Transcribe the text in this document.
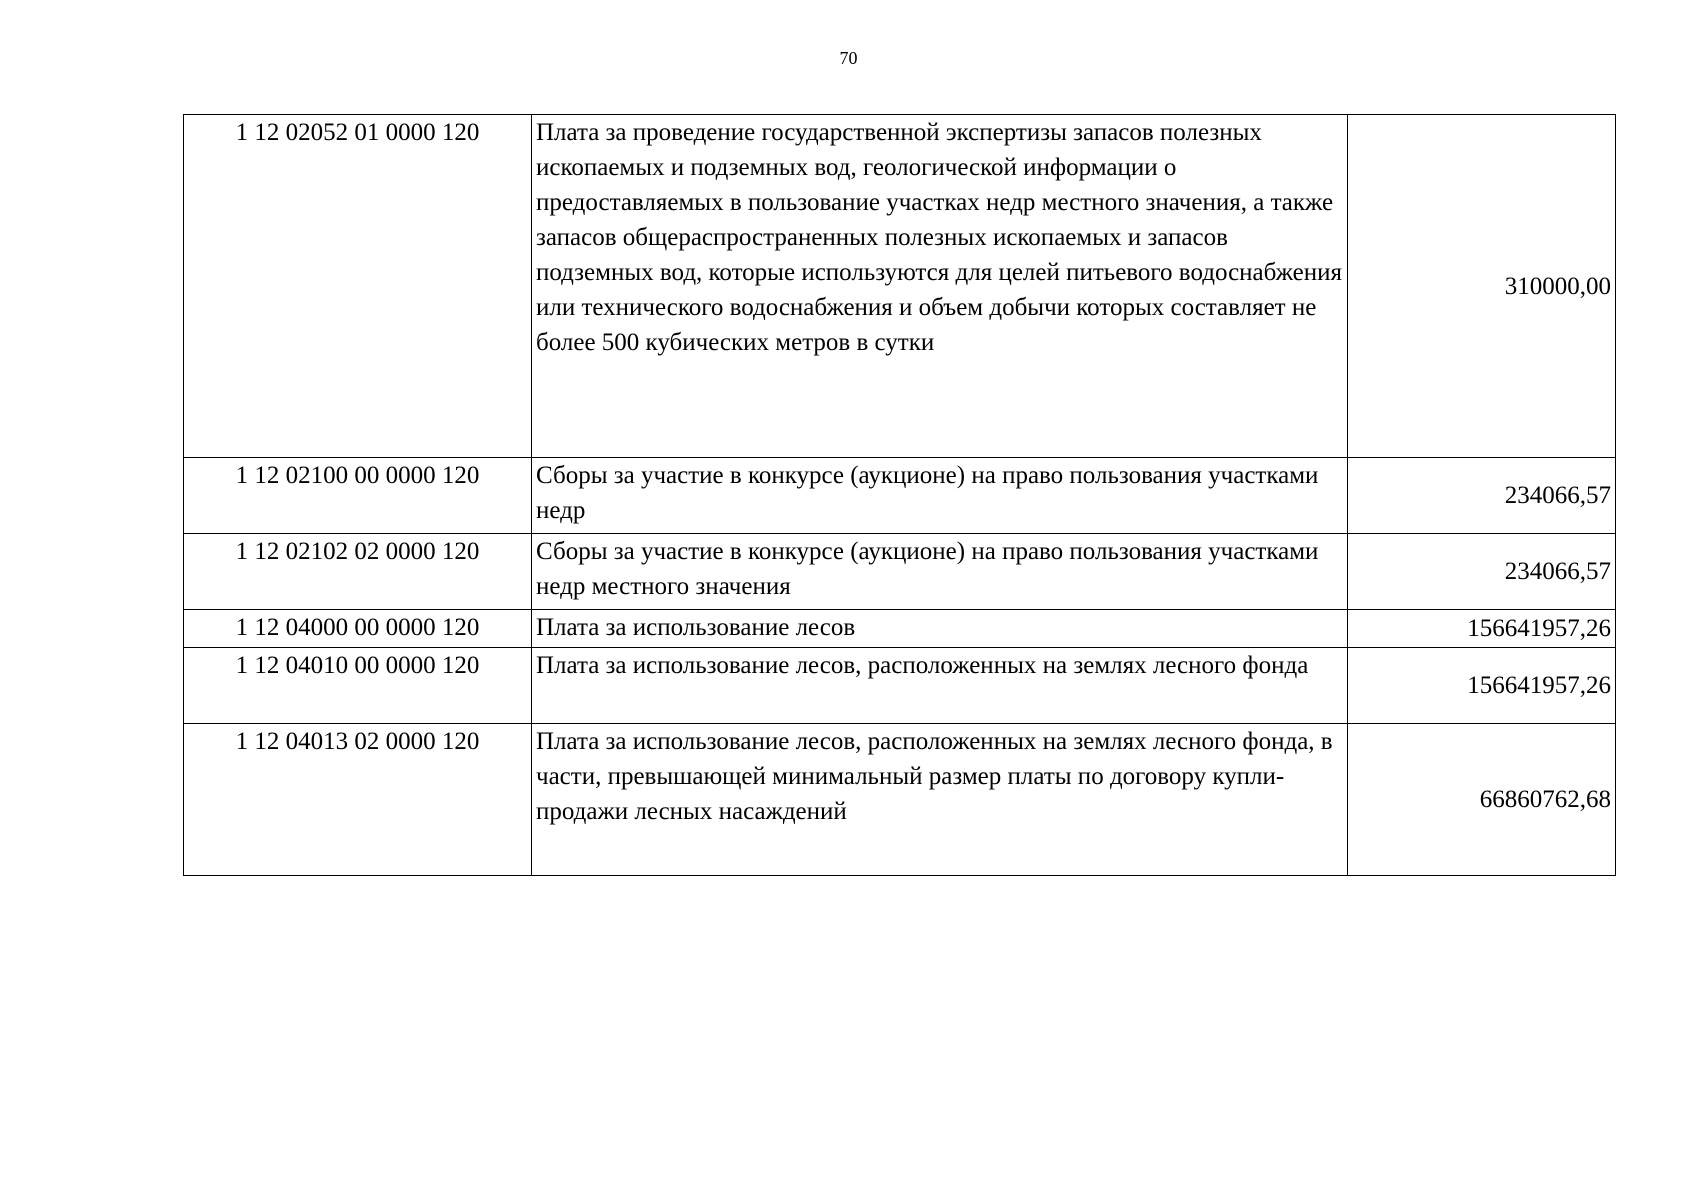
70
1 12 02052 01 0000 120	Плата за проведение государственной экспертизы запасов полезных ископаемых и подземных вод, геологической информации о предоставляемых в пользование участках недр местного значения, а также запасов общераспространенных полезных ископаемых и запасов подземных вод, которые используются для целей питьевого водоснабжения или технического водоснабжения и объем добычи которых составляет не более 500 кубических метров в сутки	310000,00
1 12 02100 00 0000 120	Сборы за участие в конкурсе (аукционе) на право пользования участками недр	234066,57
1 12 02102 02 0000 120	Сборы за участие в конкурсе (аукционе) на право пользования участками недр местного значения	234066,57
1 12 04000 00 0000 120	Плата за использование лесов	156641957,26
1 12 04010 00 0000 120	Плата за использование лесов, расположенных на землях лесного фонда	156641957,26
1 12 04013 02 0000 120	Плата за использование лесов, расположенных на землях лесного фонда, в части, превышающей минимальный размер платы по договору купли-продажи лесных насаждений	66860762,68
